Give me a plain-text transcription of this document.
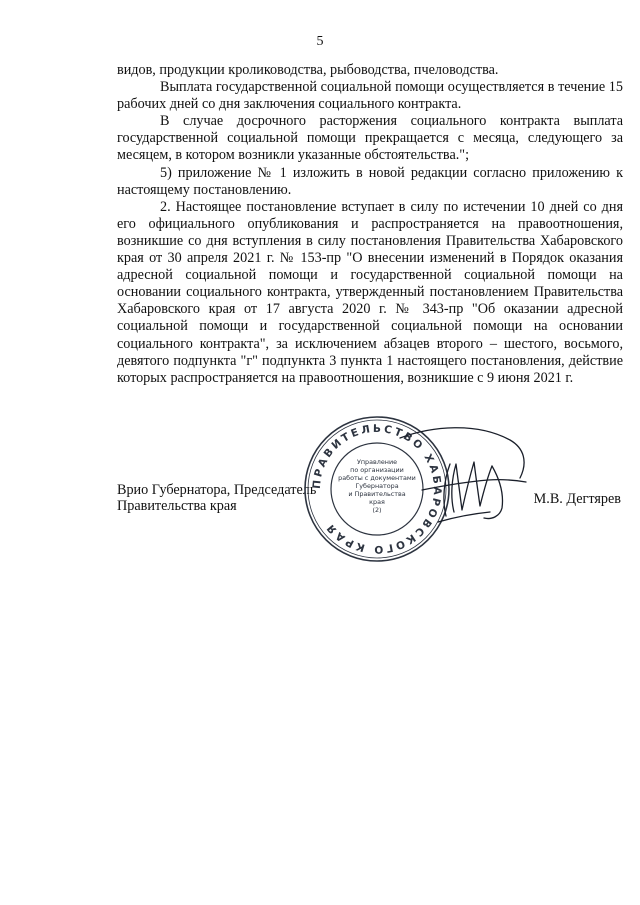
5

видов, продукции кролиководства, рыбоводства, пчеловодства.

Выплата государственной социальной помощи осуществляется в течение 15 рабочих дней со дня заключения социального контракта.

В случае досрочного расторжения социального контракта выплата государственной социальной помощи прекращается с месяца, следующего за месяцем, в котором возникли указанные обстоятельства.";

5) приложение № 1 изложить в новой редакции согласно приложению к настоящему постановлению.

2. Настоящее постановление вступает в силу по истечении 10 дней со дня его официального опубликования и распространяется на правоотношения, возникшие со дня вступления в силу постановления Правительства Хабаровского края от 30 апреля 2021 г. № 153-пр "О внесении изменений в Порядок оказания адресной социальной помощи и государственной социальной помощи на основании социального контракта, утвержденный постановлением Правительства Хабаровского края от 17 августа 2020 г. № 343-пр "Об оказании адресной социальной помощи и государственной социальной помощи на основании социального контракта", за исключением абзацев второго – шестого, восьмого, девятого подпункта "г" подпункта 3 пункта 1 настоящего постановления, действие которых распространяется на правоотношения, возникшие с 9 июня 2021 г.

Врио Губернатора, Председатель
Правительства края
ПРАВИТЕЛЬСТВО ХАБАРОВСКОГО КРАЯ
Управление
по организации
работы с документами
Губернатора
и Правительства
края
(2)
М.В. Дегтярев
